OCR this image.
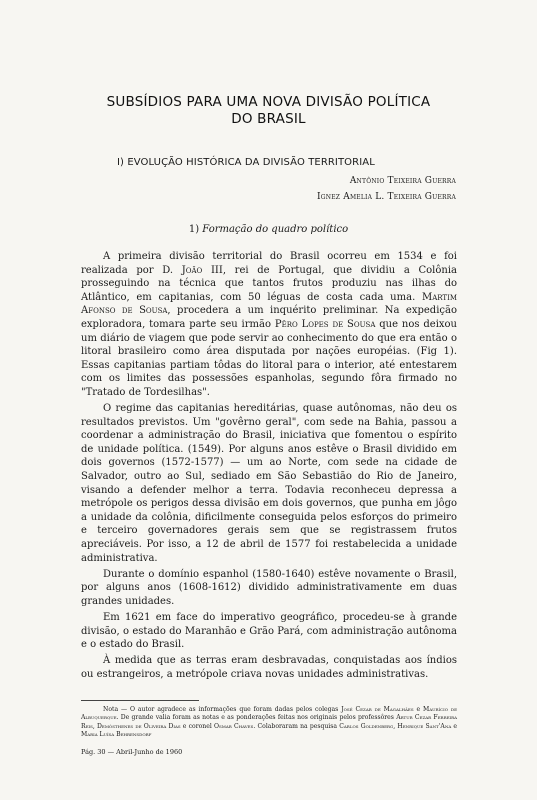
SUBSÍDIOS PARA UMA NOVA DIVISÃO POLÍTICA
DO BRASIL
I) EVOLUÇÃO HISTÓRICA DA DIVISÃO TERRITORIAL
Antônio Teixeira Guerra
Ignez Amelia L. Teixeira Guerra
1) Formação do quadro político

A primeira divisão territorial do Brasil ocorreu em 1534 e foi realizada por D. João III, rei de Portugal, que dividiu a Colônia prosseguindo na técnica que tantos frutos produziu nas ilhas do Atlântico, em capitanias, com 50 léguas de costa cada uma. Martim Afonso de Sousa, procedera a um inquérito preliminar. Na expedição exploradora, tomara parte seu irmão Pêro Lopes de Sousa que nos deixou um diário de viagem que pode servir ao conhecimento do que era então o litoral brasileiro como área disputada por nações européias. (Fig 1). Essas capitanias partiam tôdas do litoral para o interior, até entestarem com os limites das possessões espanholas, segundo fôra firmado no "Tratado de Tordesilhas".

O regime das capitanias hereditárias, quase autônomas, não deu os resultados previstos. Um "govêrno geral", com sede na Bahia, passou a coordenar a administração do Brasil, iniciativa que fomentou o espírito de unidade política. (1549). Por alguns anos estêve o Brasil dividido em dois governos (1572-1577) — um ao Norte, com sede na cidade de Salvador, outro ao Sul, sediado em São Sebastião do Rio de Janeiro, visando a defender melhor a terra. Todavia reconheceu depressa a metrópole os perigos dessa divisão em dois governos, que punha em jôgo a unidade da colônia, dificilmente conseguida pelos esforços do primeiro e terceiro governadores gerais sem que se registrassem frutos apreciáveis. Por isso, a 12 de abril de 1577 foi restabelecida a unidade administrativa.

Durante o domínio espanhol (1580-1640) estêve novamente o Brasil, por alguns anos (1608-1612) dividido administrativamente em duas grandes unidades.

Em 1621 em face do imperativo geográfico, procedeu-se à grande divisão, o estado do Maranhão e Grão Pará, com administração autônoma e o estado do Brasil.

À medida que as terras eram desbravadas, conquistadas aos índios ou estrangeiros, a metrópole criava novas unidades administrativas.

Nota — O autor agradece as informações que foram dadas pelos colegas José Cezar de Magalhães e Maurício de Albuquerque. De grande valia foram as notas e as ponderações feitas nos originais pelos professôres Artur Cezar Ferreira Reis, Demósthenes de Oliveira Dias e coronel Osmar Chaves. Colaboraram na pesquisa Carlos Goldenberg, Henrique Sant'Ana e Maria Luísa Behrensdorf

Pág. 30 — Abril-Junho de 1960
